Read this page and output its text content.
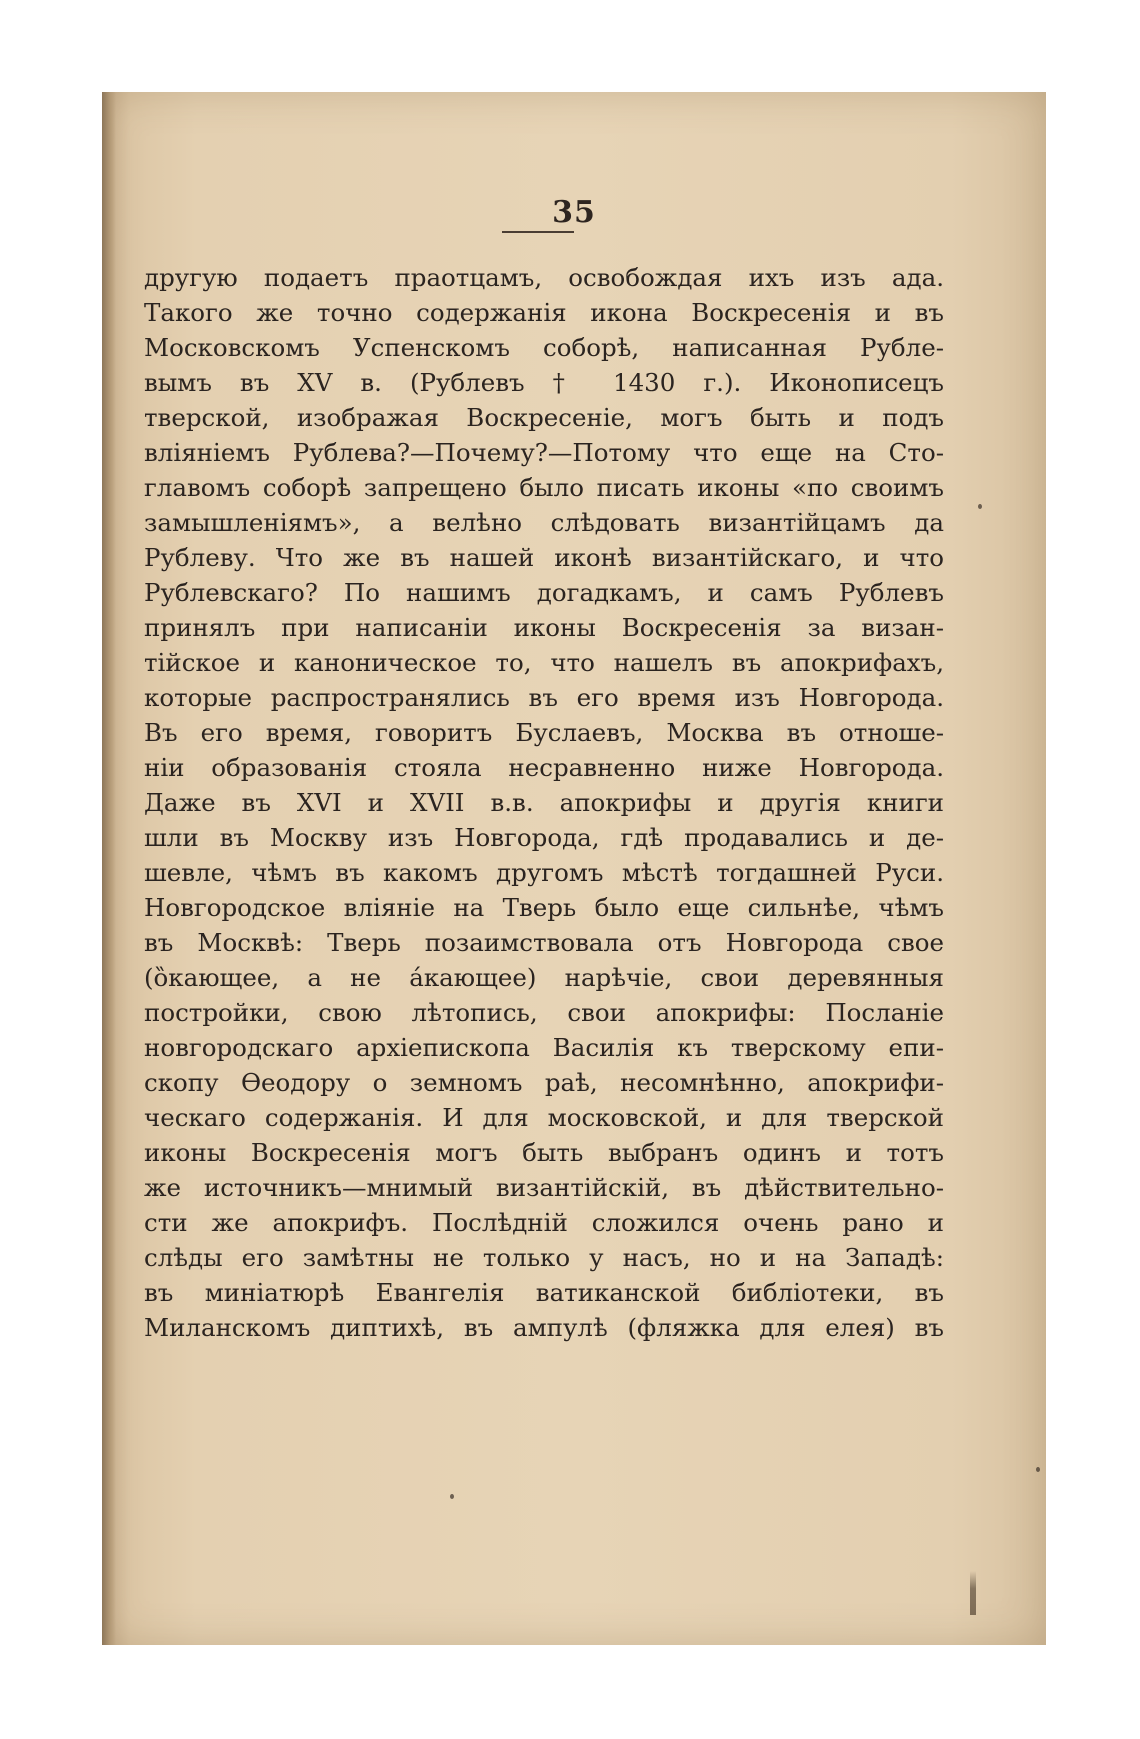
35
другую подаетъ праотцамъ, освобождая ихъ изъ ада.
Такого же точно содержанія икона Воскресенія и въ
Московскомъ Успенскомъ соборѣ, написанная Рубле-
вымъ въ XV в. (Рублевъ † 1430 г.). Иконописецъ
тверской, изображая Воскресеніе, могъ быть и подъ
вліяніемъ Рублева?—Почему?—Потому что еще на Сто-
главомъ соборѣ запрещено было писать иконы «по своимъ
замышленіямъ», а велѣно слѣдовать византійцамъ да
Рублеву. Что же въ нашей иконѣ византійскаго, и что
Рублевскаго? По нашимъ догадкамъ, и самъ Рублевъ
принялъ при написаніи иконы Воскресенія за визан-
тійское и каноническое то, что нашелъ въ апокрифахъ,
которые распространялись въ его время изъ Новгорода.
Въ его время, говоритъ Буслаевъ, Москва въ отноше-
ніи образованія стояла несравненно ниже Новгорода.
Даже въ XVI и XVII в.в. апокрифы и другія книги
шли въ Москву изъ Новгорода, гдѣ продавались и де-
шевле, чѣмъ въ какомъ другомъ мѣстѣ тогдашней Руси.
Новгородское вліяніе на Тверь было еще сильнѣе, чѣмъ
въ Москвѣ: Тверь позаимствовала отъ Новгорода свое
(ȍкающее, а не а́кающее) нарѣчіе, свои деревянныя
постройки, свою лѣтопись, свои апокрифы: Посланіе
новгородскаго архіепископа Василія къ тверскому епи-
скопу Ѳеодору о земномъ раѣ, несомнѣнно, апокрифи-
ческаго содержанія. И для московской, и для тверской
иконы Воскресенія могъ быть выбранъ одинъ и тотъ
же источникъ—мнимый византійскій, въ дѣйствительно-
сти же апокрифъ. Послѣдній сложился очень рано и
слѣды его замѣтны не только у насъ, но и на Западѣ:
въ миніатюрѣ Евангелія ватиканской библіотеки, въ
Миланскомъ диптихѣ, въ ампулѣ (фляжка для елея) въ
